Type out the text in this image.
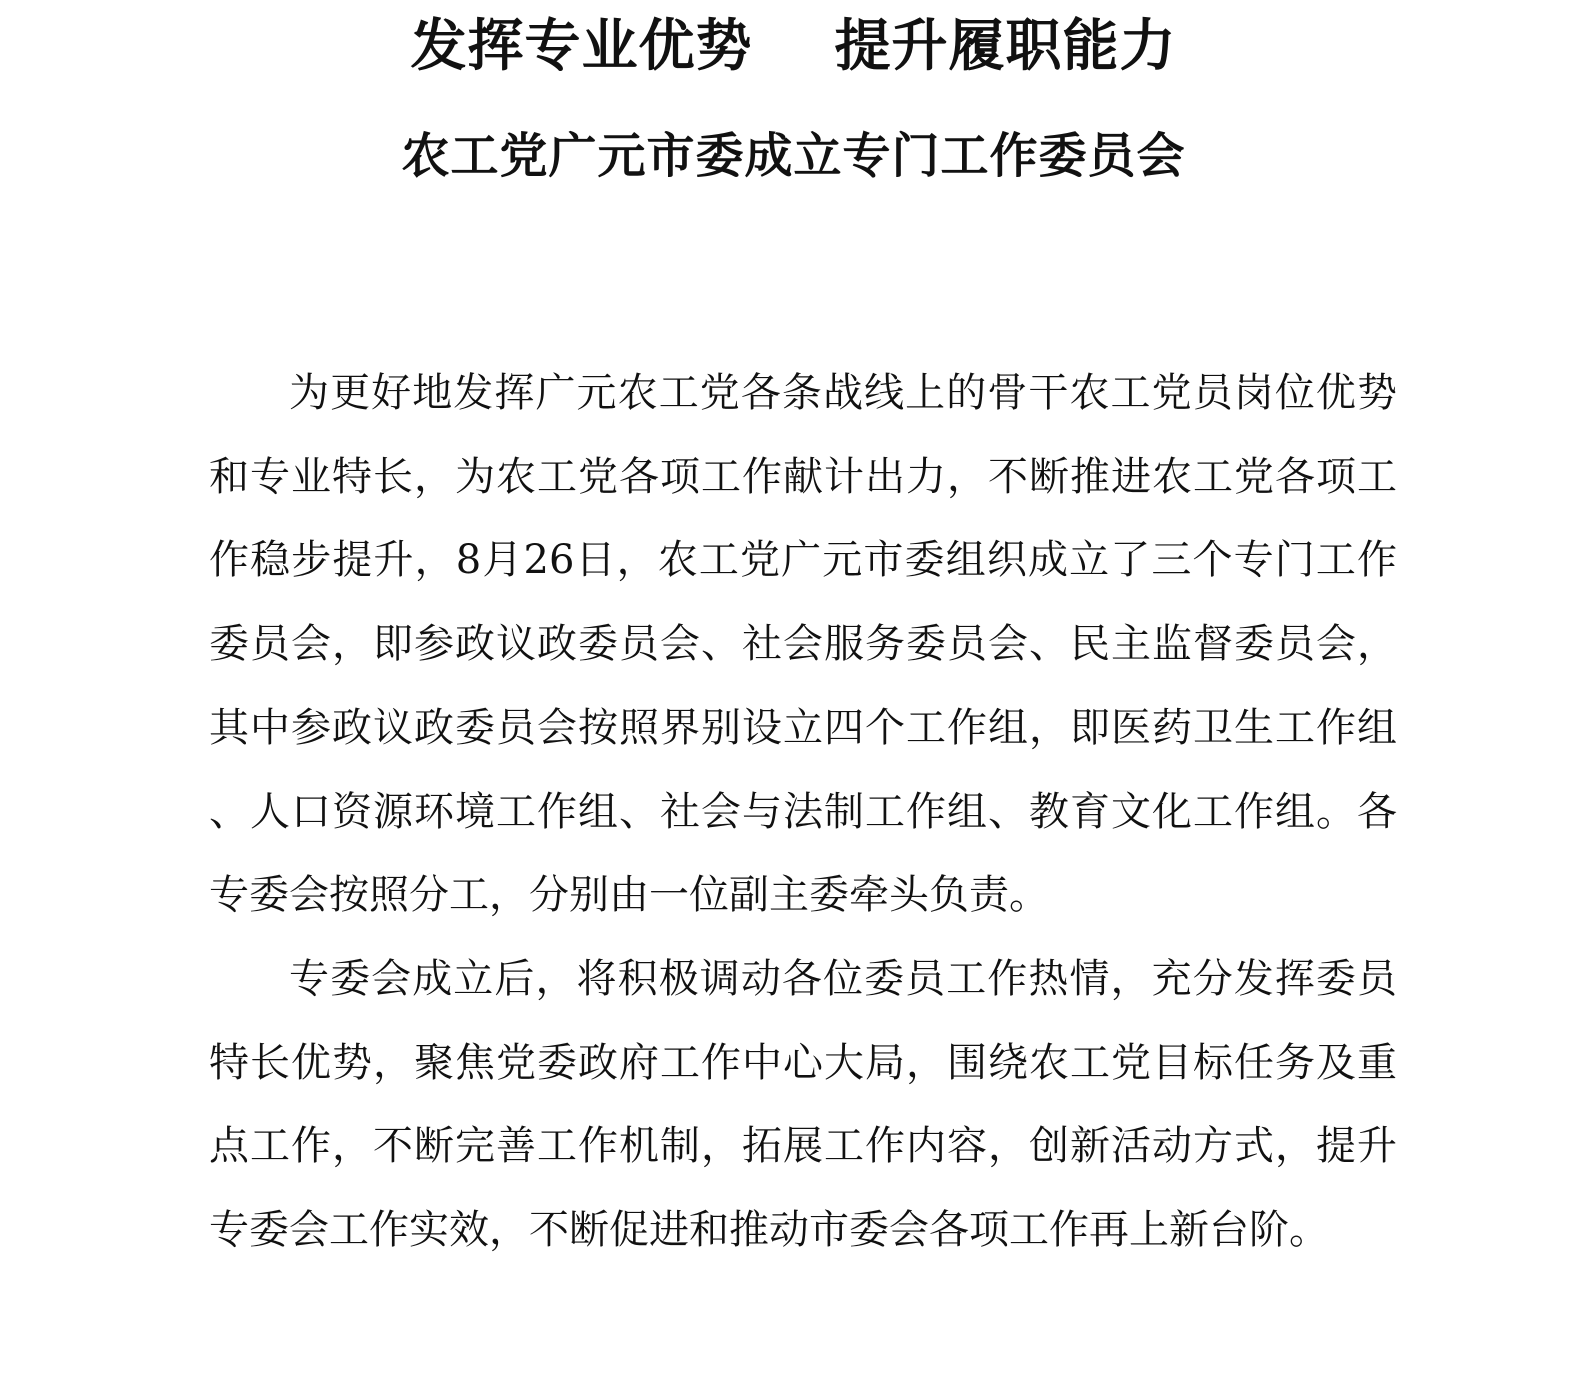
发挥专业优势    提升履职能力
农工党广元市委成立专门工作委员会

为更好地发挥广元农工党各条战线上的骨干农工党员岗位优势和专业特长，为农工党各项工作献计出力，不断推进农工党各项工作稳步提升，8月26日，农工党广元市委组织成立了三个专门工作委员会，即参政议政委员会、社会服务委员会、民主监督委员会，其中参政议政委员会按照界别设立四个工作组，即医药卫生工作组、人口资源环境工作组、社会与法制工作组、教育文化工作组。各专委会按照分工，分别由一位副主委牵头负责。

专委会成立后，将积极调动各位委员工作热情，充分发挥委员特长优势，聚焦党委政府工作中心大局，围绕农工党目标任务及重点工作，不断完善工作机制，拓展工作内容，创新活动方式，提升专委会工作实效，不断促进和推动市委会各项工作再上新台阶。
